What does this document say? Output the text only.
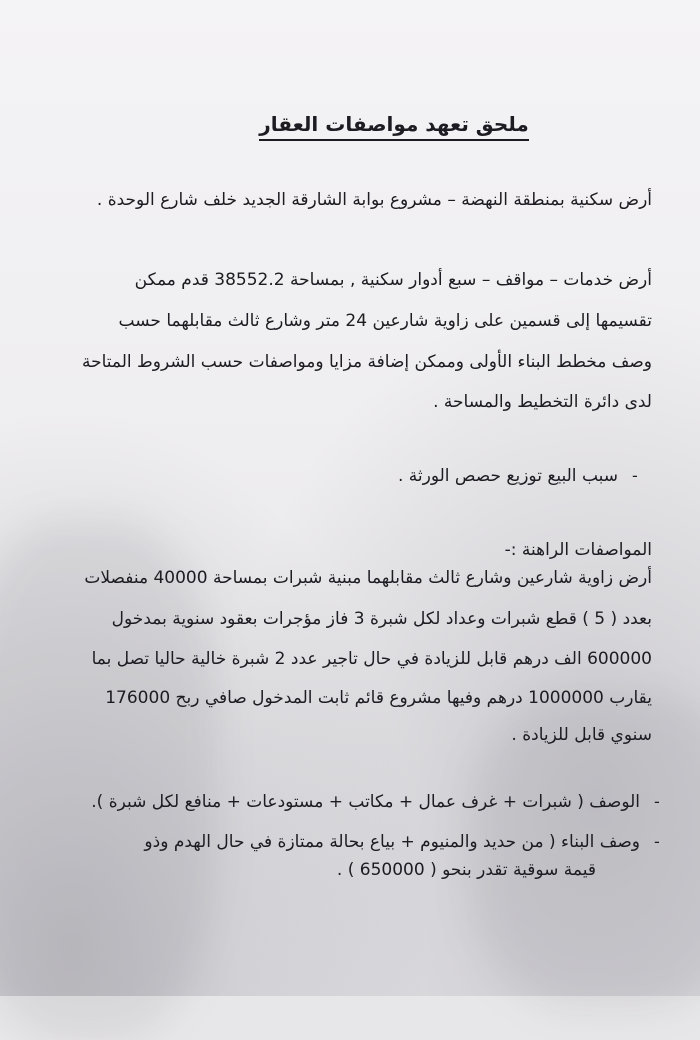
ملحق تعهد مواصفات العقار
أرض سكنية بمنطقة النهضة – مشروع بوابة الشارقة الجديد خلف شارع الوحدة .
أرض خدمات – مواقف – سبع أدوار سكنية , بمساحة 38552.2 قدم ممكن
تقسيمها إلى قسمين على زاوية شارعين 24 متر وشارع ثالث مقابلهما حسب
وصف مخطط البناء الأولى وممكن إضافة مزايا ومواصفات حسب الشروط المتاحة
لدى دائرة التخطيط والمساحة .
-سبب البيع توزيع حصص الورثة .
المواصفات الراهنة :-
أرض زاوية شارعين وشارع ثالث مقابلهما مبنية شبرات بمساحة 40000 منفصلات
بعدد ( 5 ) قطع شبرات وعداد لكل شبرة 3 فاز مؤجرات بعقود سنوية بمدخول
600000 الف درهم قابل للزيادة في حال تاجير عدد 2 شبرة خالية حاليا تصل بما
يقارب 1000000 درهم وفيها مشروع قائم ثابت المدخول صافي ربح 176000
سنوي قابل للزيادة .
-الوصف ( شبرات + غرف عمال + مكاتب + مستودعات + منافع لكل شبرة ).
-وصف البناء ( من حديد والمنيوم + بياع بحالة ممتازة في حال الهدم وذو
قيمة سوقية تقدر بنحو ( 650000 ) .
